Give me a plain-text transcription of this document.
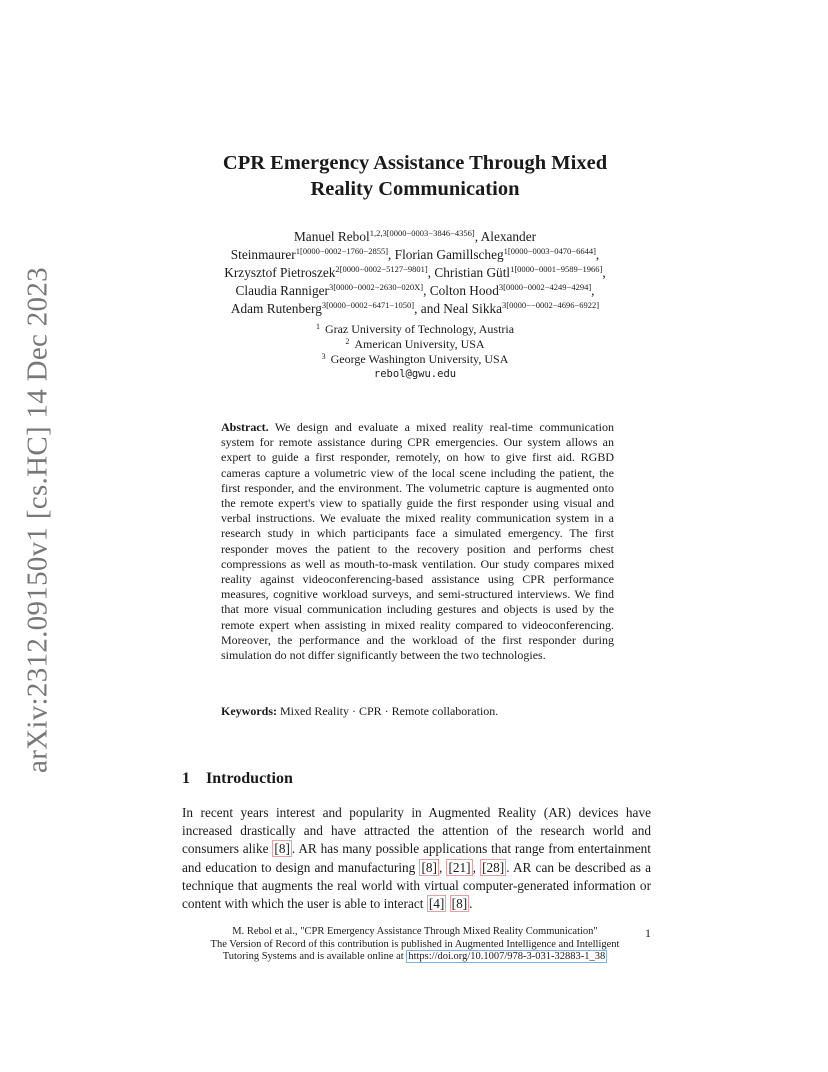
arXiv:2312.09150v1 [cs.HC] 14 Dec 2023
CPR Emergency Assistance Through Mixed
Reality Communication
Manuel Rebol$^{1,2,3[0000-0003-3846-4356]}$, Alexander
Steinmaurer$^{1[0000-0002-1760-2855]}$, Florian Gamillscheg$^{1[0000-0003-0470-6644]}$,
Krzysztof Pietroszek$^{2[0000-0002-5127-9801]}$, Christian Gütl$^{1[0000-0001-9589-1966]}$,
Claudia Ranniger$^{3[0000-0002-2630-020X]}$, Colton Hood$^{3[0000-0002-4249-4294]}$,
Adam Rutenberg$^{3[0000-0002-6471-1050]}$, and Neal Sikka$^{3[0000--0002-4696-6922]}$
$^1$ Graz University of Technology, Austria
$^2$ American University, USA
$^3$ George Washington University, USA
rebol@gwu.edu
Abstract. We design and evaluate a mixed reality real-time communication system for remote assistance during CPR emergencies. Our system allows an expert to guide a first responder, remotely, on how to give first aid. RGBD cameras capture a volumetric view of the local scene including the patient, the first responder, and the environment. The volumetric capture is augmented onto the remote expert's view to spatially guide the first responder using visual and verbal instructions. We evaluate the mixed reality communication system in a research study in which participants face a simulated emergency. The first responder moves the patient to the recovery position and performs chest compressions as well as mouth-to-mask ventilation. Our study compares mixed reality against videoconferencing-based assistance using CPR performance measures, cognitive workload surveys, and semi-structured interviews. We find that more visual communication including gestures and objects is used by the remote expert when assisting in mixed reality compared to videoconferencing. Moreover, the performance and the workload of the first responder during simulation do not differ significantly between the two technologies.
Keywords: Mixed Reality · CPR · Remote collaboration.
1 Introduction
In recent years interest and popularity in Augmented Reality (AR) devices have increased drastically and have attracted the attention of the research world and consumers alike [8] . AR has many possible applications that range from entertainment and education to design and manufacturing [8] , [21] , [28] . AR can be described as a technique that augments the real world with virtual computer-generated information or content with which the user is able to interact [4] [8] .
M. Rebol et al., "CPR Emergency Assistance Through Mixed Reality Communication"
The Version of Record of this contribution is published in Augmented Intelligence and Intelligent
Tutoring Systems and is available online at https://doi.org/10.1007/978-3-031-32883-1_38
1
